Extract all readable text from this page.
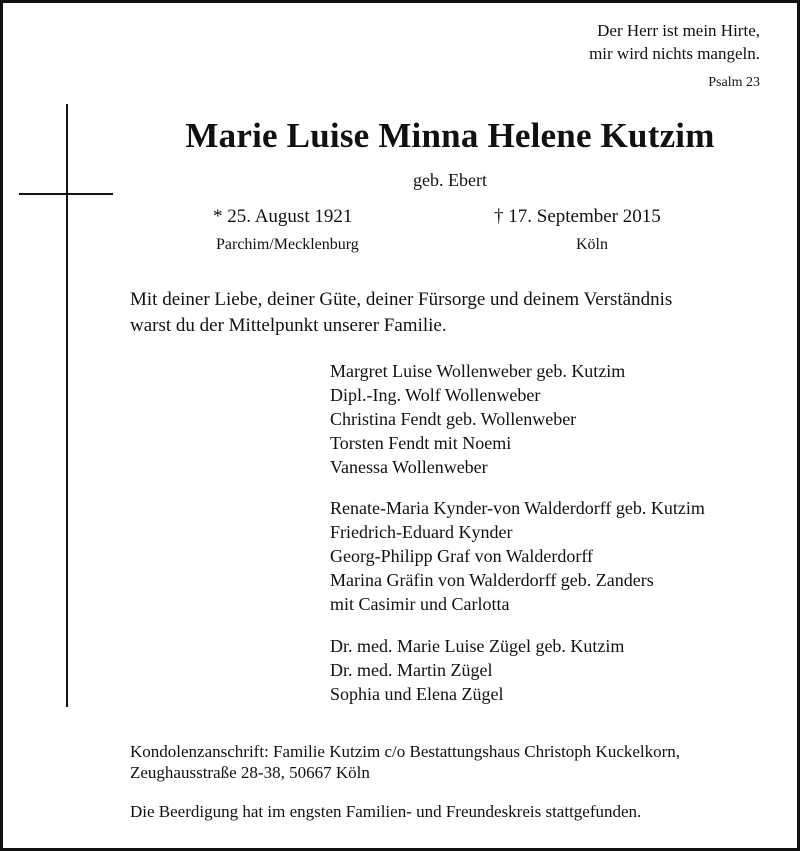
Der Herr ist mein Hirte,
mir wird nichts mangeln.
Psalm 23
Marie Luise Minna Helene Kutzim
geb. Ebert
* 25. August 1921
Parchim/Mecklenburg
† 17. September 2015
Köln
Mit deiner Liebe, deiner Güte, deiner Fürsorge und deinem Verständnis
warst du der Mittelpunkt unserer Familie.
Margret Luise Wollenweber geb. Kutzim
Dipl.-Ing. Wolf Wollenweber
Christina Fendt geb. Wollenweber
Torsten Fendt mit Noemi
Vanessa Wollenweber
Renate-Maria Kynder-von Walderdorff geb. Kutzim
Friedrich-Eduard Kynder
Georg-Philipp Graf von Walderdorff
Marina Gräfin von Walderdorff geb. Zanders
mit Casimir und Carlotta
Dr. med. Marie Luise Zügel geb. Kutzim
Dr. med. Martin Zügel
Sophia und Elena Zügel
Kondolenzanschrift: Familie Kutzim c/o Bestattungshaus Christoph Kuckelkorn,
Zeughausstraße 28-38, 50667 Köln
Die Beerdigung hat im engsten Familien- und Freundeskreis stattgefunden.
